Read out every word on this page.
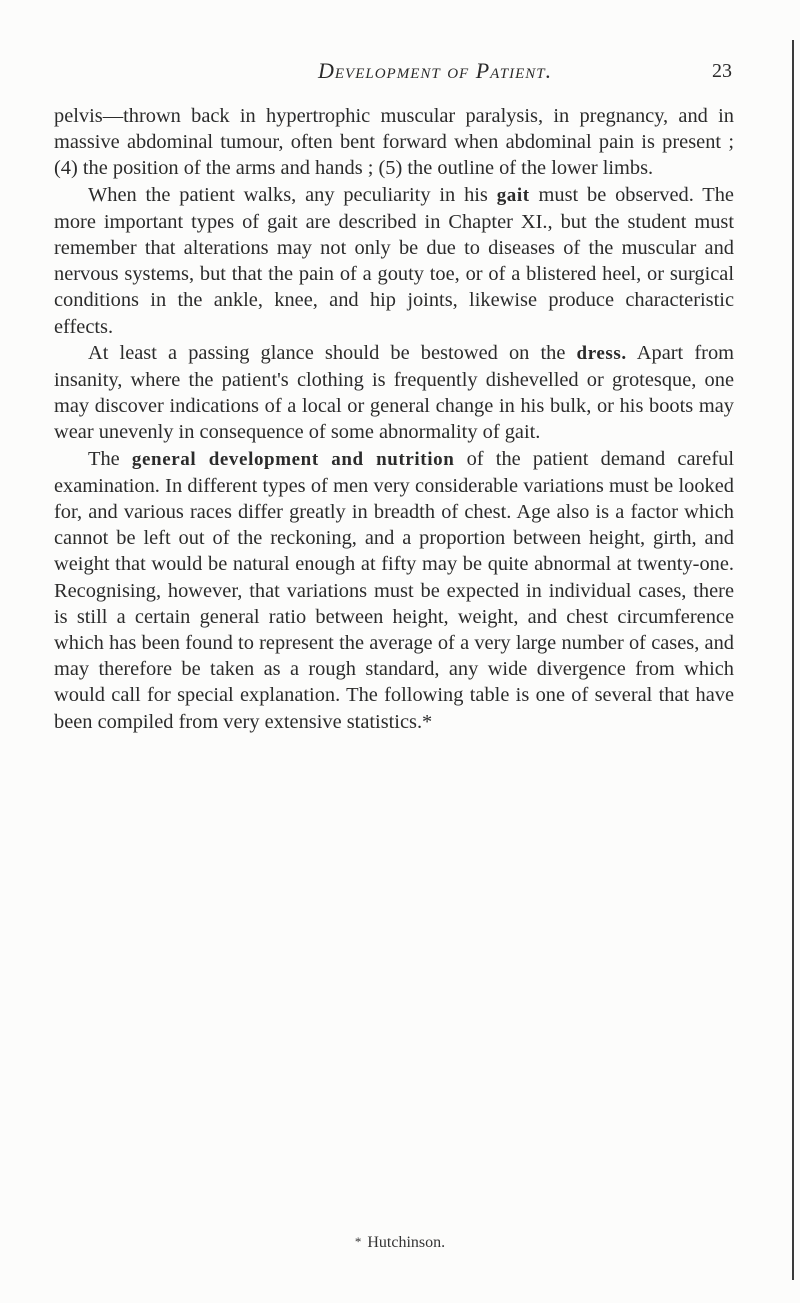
Development of Patient.	23

pelvis—thrown back in hypertrophic muscular paralysis, in pregnancy, and in massive abdominal tumour, often bent forward when abdominal pain is present ; (4) the position of the arms and hands ; (5) the outline of the lower limbs.

When the patient walks, any peculiarity in his gait must be observed. The more important types of gait are described in Chapter XI., but the student must remember that alterations may not only be due to diseases of the muscular and nervous systems, but that the pain of a gouty toe, or of a blistered heel, or surgical conditions in the ankle, knee, and hip joints, likewise produce characteristic effects.

At least a passing glance should be bestowed on the dress. Apart from insanity, where the patient's clothing is frequently dishevelled or grotesque, one may discover indications of a local or general change in his bulk, or his boots may wear unevenly in consequence of some abnormality of gait.

The general development and nutrition of the patient demand careful examination. In different types of men very considerable variations must be looked for, and various races differ greatly in breadth of chest. Age also is a factor which cannot be left out of the reckoning, and a proportion between height, girth, and weight that would be natural enough at fifty may be quite abnormal at twenty-one. Recognising, however, that variations must be expected in individual cases, there is still a certain general ratio between height, weight, and chest circumference which has been found to represent the average of a very large number of cases, and may therefore be taken as a rough standard, any wide divergence from which would call for special explanation. The following table is one of several that have been compiled from very extensive statistics.*

* Hutchinson.
